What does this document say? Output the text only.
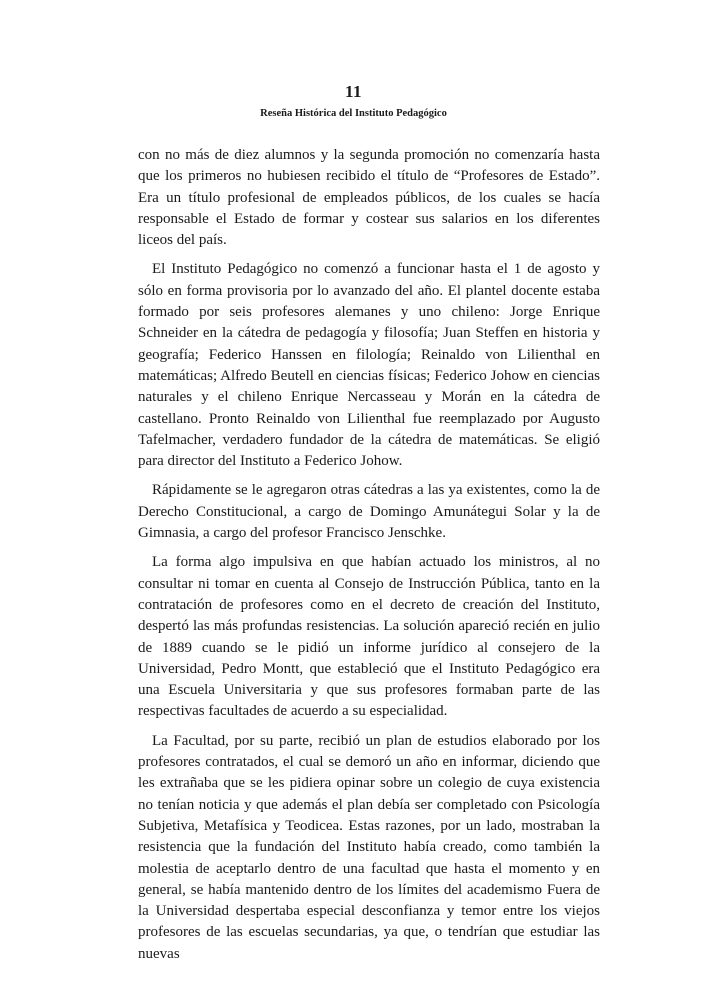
11
Reseña Histórica del Instituto Pedagógico

con no más de diez alumnos y la segunda promoción no comenzaría hasta que los primeros no hubiesen recibido el título de “Profesores de Estado”. Era un título profesional de empleados públicos, de los cuales se hacía responsable el Estado de formar y costear sus salarios en los diferentes liceos del país.

El Instituto Pedagógico no comenzó a funcionar hasta el 1 de agosto y sólo en forma provisoria por lo avanzado del año. El plantel docente estaba formado por seis profesores alemanes y uno chileno: Jorge Enrique Schneider en la cátedra de pedagogía y filosofía; Juan Steffen en historia y geografía; Federico Hanssen en filología; Reinaldo von Lilienthal en matemáticas; Alfredo Beutell en ciencias físicas; Federico Johow en ciencias naturales y el chileno Enrique Nercasseau y Morán en la cátedra de castellano. Pronto Reinaldo von Lilienthal fue reemplazado por Augusto Tafelmacher, verdadero fundador de la cátedra de matemáticas. Se eligió para director del Instituto a Federico Johow.

Rápidamente se le agregaron otras cátedras a las ya existentes, como la de Derecho Constitucional, a cargo de Domingo Amunátegui Solar y la de Gimnasia, a cargo del profesor Francisco Jenschke.

La forma algo impulsiva en que habían actuado los ministros, al no consultar ni tomar en cuenta al Consejo de Instrucción Pública, tanto en la contratación de profesores como en el decreto de creación del Instituto, despertó las más profundas resistencias. La solución apareció recién en julio de 1889 cuando se le pidió un informe jurídico al consejero de la Universidad, Pedro Montt, que estableció que el Instituto Pedagógico era una Escuela Universitaria y que sus profesores formaban parte de las respectivas facultades de acuerdo a su especialidad.

La Facultad, por su parte, recibió un plan de estudios elaborado por los profesores contratados, el cual se demoró un año en informar, diciendo que les extrañaba que se les pidiera opinar sobre un colegio de cuya existencia no tenían noticia y que además el plan debía ser completado con Psicología Subjetiva, Metafísica y Teodicea. Estas razones, por un lado, mostraban la resistencia que la fundación del Instituto había creado, como también la molestia de aceptarlo dentro de una facultad que hasta el momento y en general, se había mantenido dentro de los límites del academismo Fuera de la Universidad despertaba especial desconfianza y temor entre los viejos profesores de las escuelas secundarias, ya que, o tendrían que estudiar las nuevas
